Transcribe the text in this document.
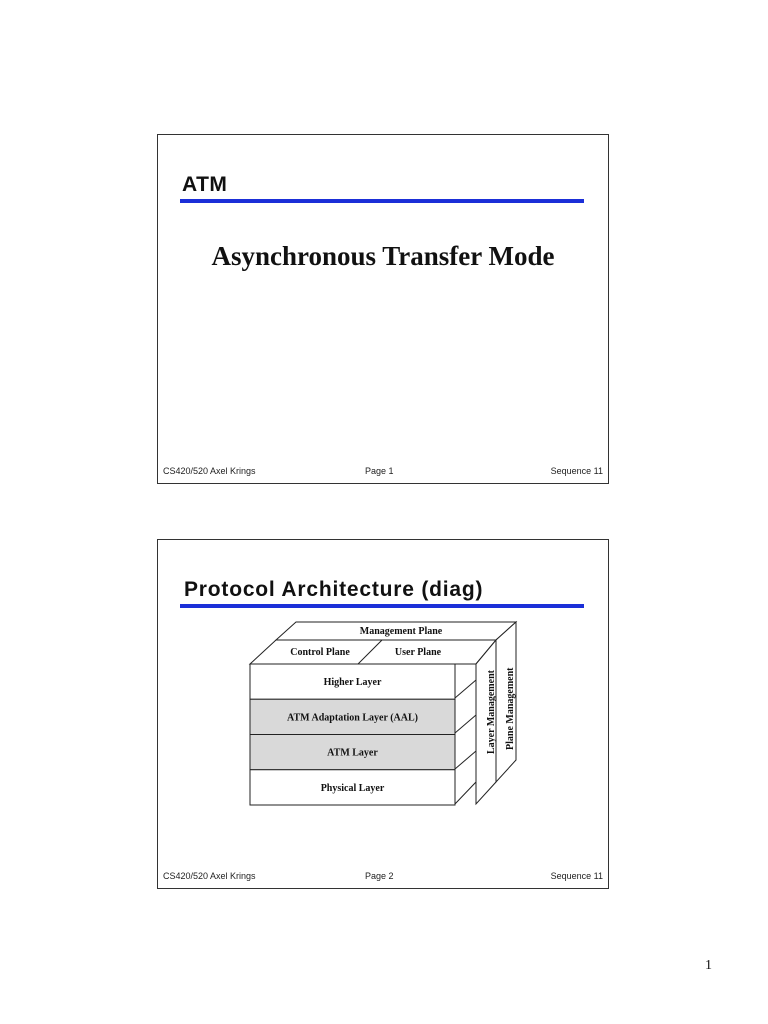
ATM
Asynchronous Transfer Mode
CS420/520 Axel Krings	Page 1	Sequence 11
Protocol Architecture (diag)
Higher Layer
ATM Adaptation Layer (AAL)
ATM Layer
Physical Layer
Management Plane
Control Plane	User Plane
Layer Management Plane Management
CS420/520 Axel Krings	Page 2	Sequence 11
1
